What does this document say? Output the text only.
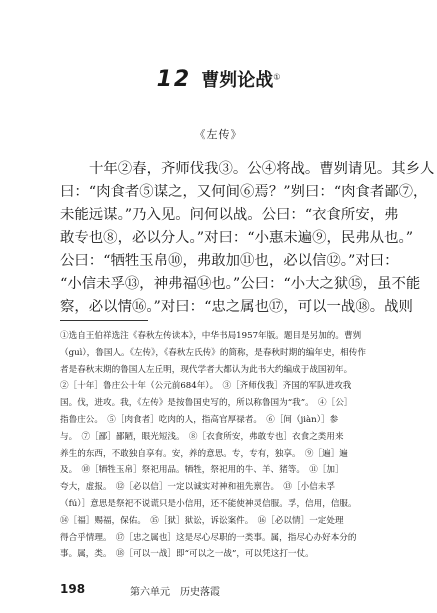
12 曹刿论战①
《左传》
十年②春，齐师伐我③。公④将战。曹刿请见。其乡人
曰：“肉食者⑤谋之，又何间⑥焉？”刿曰：“肉食者鄙⑦，
未能远谋。”乃入见。问何以战。公曰：“衣食所安，弗
敢专也⑧，必以分人。”对曰：“小惠未遍⑨，民弗从也。”
公曰：“牺牲玉帛⑩，弗敢加⑪也，必以信⑫。”对曰：
“小信未孚⑬，神弗福⑭也。”公曰：“小大之狱⑮，虽不能
察，必以情⑯。”对曰：“忠之属也⑰，可以一战⑱。战则
①选自王伯祥选注《春秋左传读本》，中华书局1957年版。题目是另加的。曹刿
（guì），鲁国人。《左传》，《春秋左氏传》的简称，是春秋时期的编年史，相传作
者是春秋末期的鲁国人左丘明，现代学者大都认为此书大约编成于战国初年。
②［十年］鲁庄公十年（公元前684年）。　③［齐师伐我］齐国的军队进攻我
国。伐，进攻。我，《左传》是按鲁国史写的，所以称鲁国为“我”。　④［公］
指鲁庄公。　⑤［肉食者］吃肉的人，指高官厚禄者。　⑥［间（jiàn）］参
与。　⑦［鄙］鄙陋，眼光短浅。　⑧［衣食所安，弗敢专也］衣食之类用来
养生的东西，不敢独自享有。安，养的意思。专，专有，独享。　⑨［遍］遍
及。　⑩［牺牲玉帛］祭祀用品。牺牲，祭祀用的牛、羊、猪等。　⑪［加］
夸大，虚报。　⑫［必以信］一定以诚实对神和祖先禀告。　⑬［小信未孚
（fú）］意思是祭祀不说谎只是小信用，还不能使神灵信服。孚，信用，信服。
⑭［福］赐福，保佑。　⑮［狱］狱讼，诉讼案件。　⑯［必以情］一定处理
得合乎情理。　⑰［忠之属也］这是尽心尽职的一类事。属，指尽心办好本分的
事。属，类。　⑱［可以一战］即“可以之一战”，可以凭这打一仗。
198	第六单元　历史落霞
